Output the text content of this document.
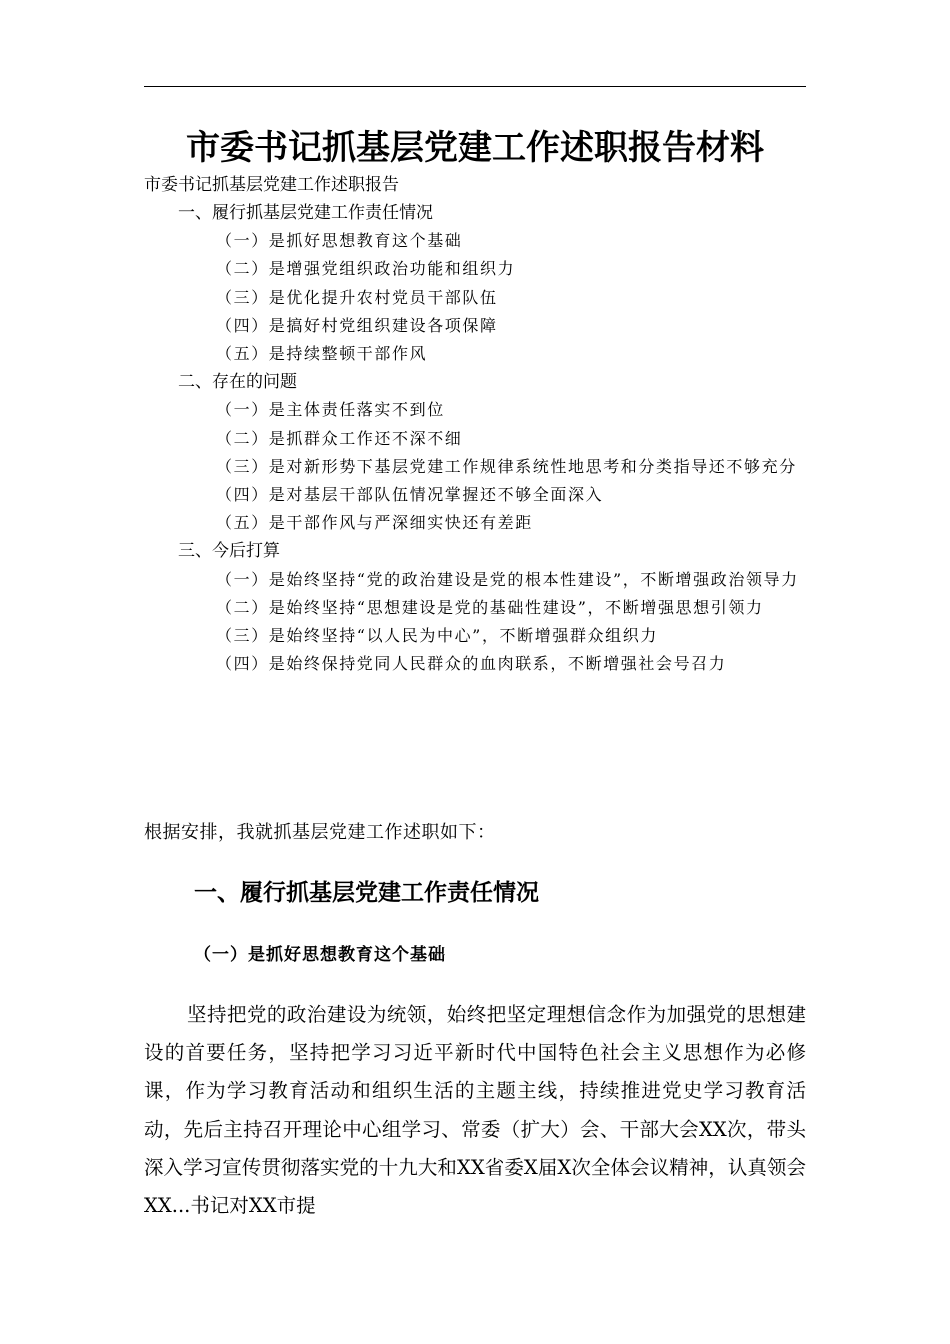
市委书记抓基层党建工作述职报告材料
市委书记抓基层党建工作述职报告
一、履行抓基层党建工作责任情况
（一）是抓好思想教育这个基础
（二）是增强党组织政治功能和组织力
（三）是优化提升农村党员干部队伍
（四）是搞好村党组织建设各项保障
（五）是持续整顿干部作风
二、存在的问题
（一）是主体责任落实不到位
（二）是抓群众工作还不深不细
（三）是对新形势下基层党建工作规律系统性地思考和分类指导还不够充分
（四）是对基层干部队伍情况掌握还不够全面深入
（五）是干部作风与严深细实快还有差距
三、今后打算
（一）是始终坚持“党的政治建设是党的根本性建设”，不断增强政治领导力
（二）是始终坚持“思想建设是党的基础性建设”，不断增强思想引领力
（三）是始终坚持“以人民为中心”，不断增强群众组织力
（四）是始终保持党同人民群众的血肉联系，不断增强社会号召力
根据安排，我就抓基层党建工作述职如下：
一、履行抓基层党建工作责任情况
（一）是抓好思想教育这个基础

坚持把党的政治建设为统领，始终把坚定理想信念作为加强党的思想建设的首要任务，坚持把学习习近平新时代中国特色社会主义思想作为必修课，作为学习教育活动和组织生活的主题主线，持续推进党史学习教育活动，先后主持召开理论中心组学习、常委（扩大）会、干部大会XX次，带头深入学习宣传贯彻落实党的十九大和XX省委X届X次全体会议精神，认真领会XX...书记对XX市提
